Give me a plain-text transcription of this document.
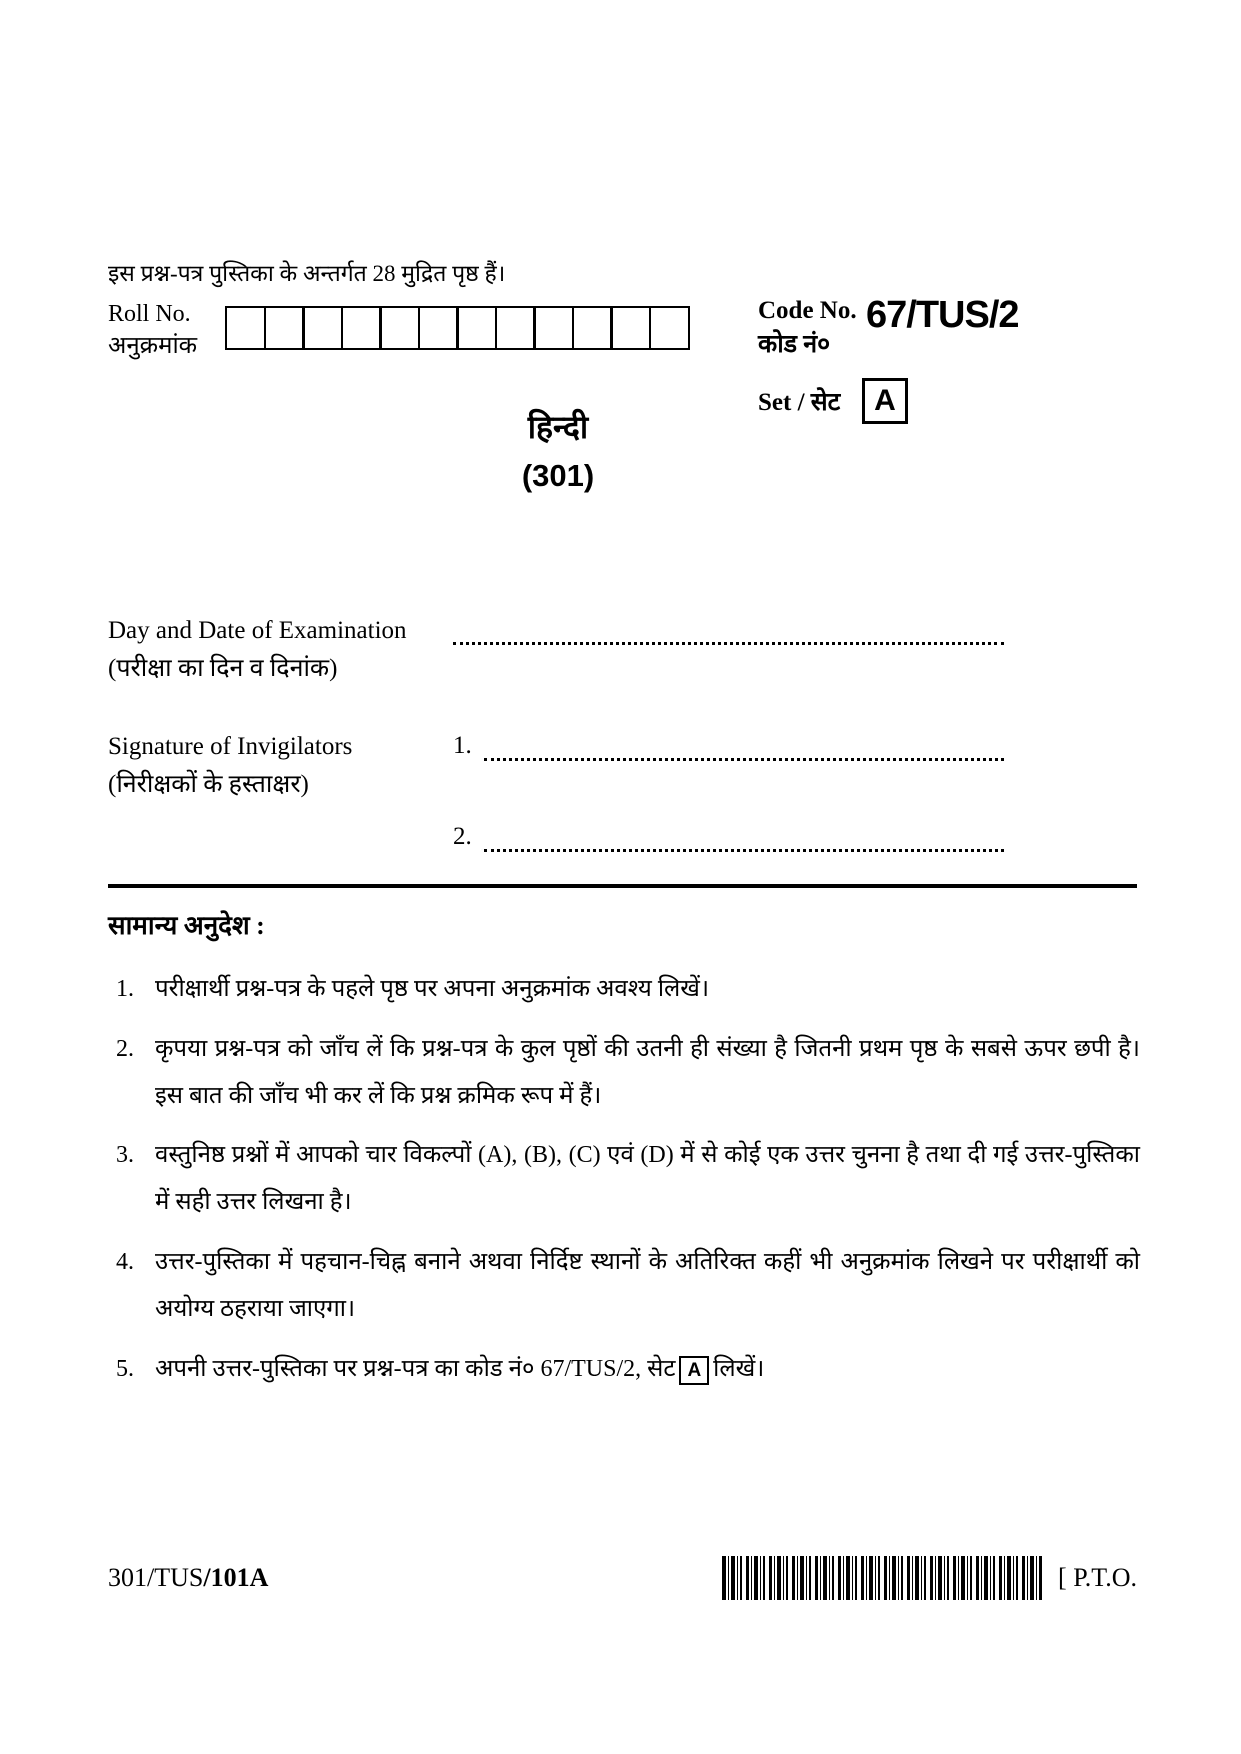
इस प्रश्न-पत्र पुस्तिका के अन्तर्गत 28 मुद्रित पृष्ठ हैं।
Roll No.
अनुक्रमांक
Code No.
कोड नं०
67/TUS/2
Set / सेट	A
हिन्दी
(301)
Day and Date of Examination
(परीक्षा का दिन व दिनांक)
Signature of Invigilators
(निरीक्षकों के हस्ताक्षर)
1.
2.
सामान्य अनुदेश :
1. परीक्षार्थी प्रश्न-पत्र के पहले पृष्ठ पर अपना अनुक्रमांक अवश्य लिखें।
2. कृपया प्रश्न-पत्र को जाँच लें कि प्रश्न-पत्र के कुल पृष्ठों की उतनी ही संख्या है जितनी प्रथम पृष्ठ के सबसे ऊपर छपी है। इस बात की जाँच भी कर लें कि प्रश्न क्रमिक रूप में हैं।
3. वस्तुनिष्ठ प्रश्नों में आपको चार विकल्पों (A), (B), (C) एवं (D) में से कोई एक उत्तर चुनना है तथा दी गई उत्तर-पुस्तिका में सही उत्तर लिखना है।
4. उत्तर-पुस्तिका में पहचान-चिह्न बनाने अथवा निर्दिष्ट स्थानों के अतिरिक्त कहीं भी अनुक्रमांक लिखने पर परीक्षार्थी को अयोग्य ठहराया जाएगा।
5. अपनी उत्तर-पुस्तिका पर प्रश्न-पत्र का कोड नं० 67/TUS/2, सेट A लिखें।
301/TUS/101A	[ P.T.O.
